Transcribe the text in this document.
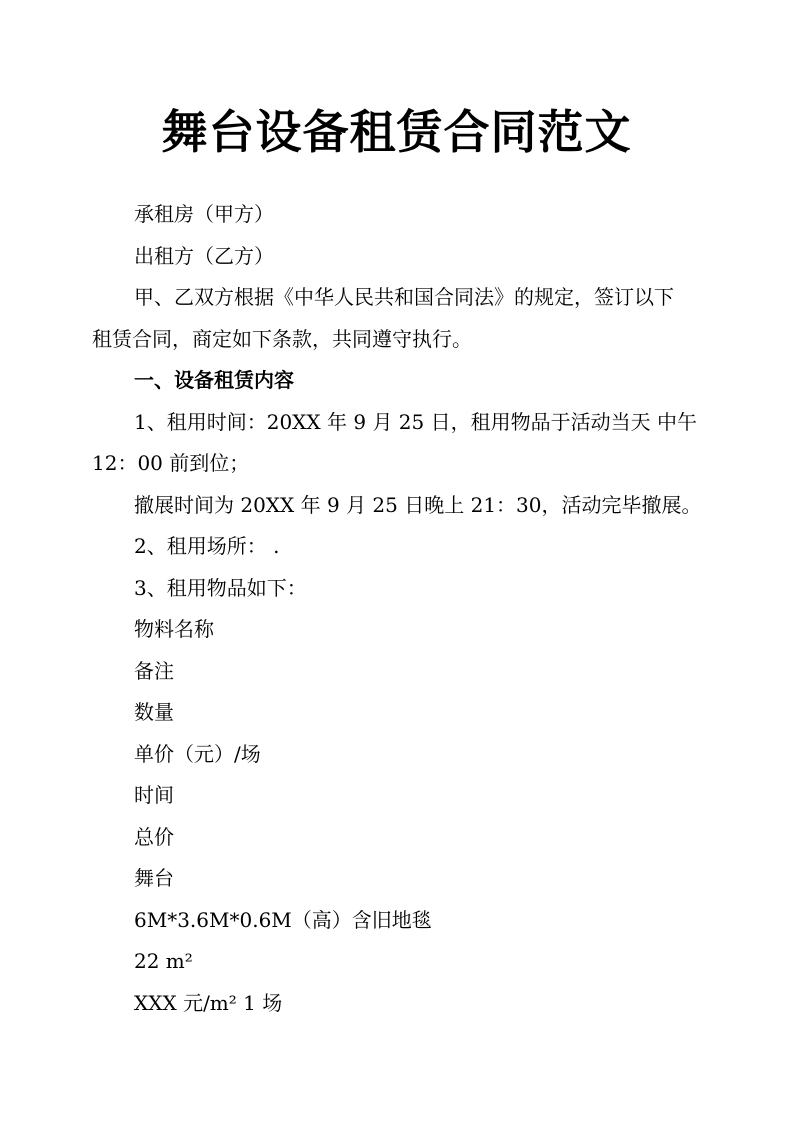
舞台设备租赁合同范文

承租房（甲方）

出租方（乙方）

甲、乙双方根据《中华人民共和国合同法》的规定，签订以下

租赁合同，商定如下条款，共同遵守执行。

一、设备租赁内容

1、租用时间：20XX 年 9 月 25 日，租用物品于活动当天 中午

12：00 前到位；

撤展时间为 20XX 年 9 月 25 日晚上 21：30，活动完毕撤展。

2、租用场所： .

3、租用物品如下：

物料名称

备注

数量

单价（元）/场

时间

总价

舞台

6M*3.6M*0.6M（高）含旧地毯

22 m²

XXX 元/m² 1 场
